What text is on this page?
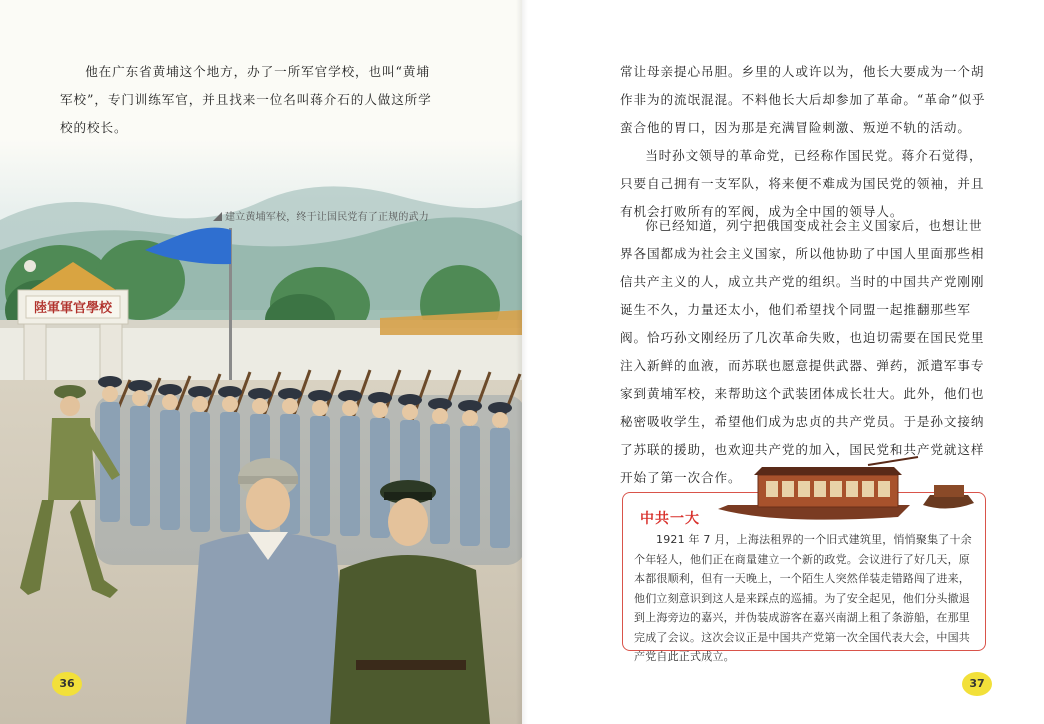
他在广东省黄埔这个地方，办了一所军官学校，也叫“黄埔军校”，专门训练军官，并且找来一位名叫蒋介石的人做这所学校的校长。

陸軍軍官學校
建立黄埔军校，终于让国民党有了正规的武力
36

常让母亲提心吊胆。乡里的人或许以为，他长大要成为一个胡作非为的流氓混混。不料他长大后却参加了革命。“革命”似乎蛮合他的胃口，因为那是充满冒险刺激、叛逆不轨的活动。

当时孙文领导的革命党，已经称作国民党。蒋介石觉得，只要自己拥有一支军队，将来便不难成为国民党的领袖，并且有机会打败所有的军阀，成为全中国的领导人。

你已经知道，列宁把俄国变成社会主义国家后，也想让世界各国都成为社会主义国家，所以他协助了中国人里面那些相信共产主义的人，成立共产党的组织。当时的中国共产党刚刚诞生不久，力量还太小，他们希望找个同盟一起推翻那些军阀。恰巧孙文刚经历了几次革命失败，也迫切需要在国民党里注入新鲜的血液，而苏联也愿意提供武器、弹药，派遣军事专家到黄埔军校，来帮助这个武装团体成长壮大。此外，他们也秘密吸收学生，希望他们成为忠贞的共产党员。于是孙文接纳了苏联的援助，也欢迎共产党的加入，国民党和共产党就这样开始了第一次合作。

中共一大

1921 年 7 月，上海法租界的一个旧式建筑里，悄悄聚集了十余个年轻人，他们正在商量建立一个新的政党。会议进行了好几天，原本都很顺利，但有一天晚上，一个陌生人突然佯装走错路闯了进来，他们立刻意识到这人是来踩点的巡捕。为了安全起见，他们分头撤退到上海旁边的嘉兴，并伪装成游客在嘉兴南湖上租了条游船，在那里完成了会议。这次会议正是中国共产党第一次全国代表大会，中国共产党自此正式成立。

37
